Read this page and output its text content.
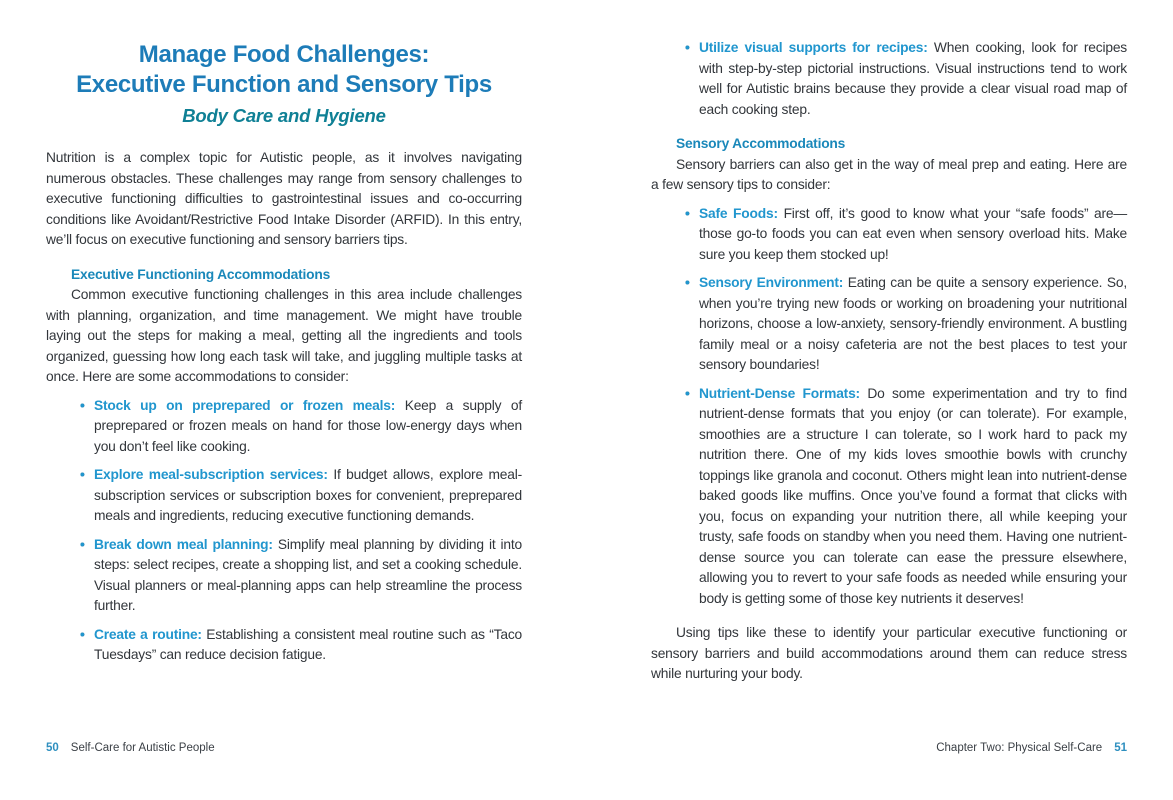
Manage Food Challenges:
Executive Function and Sensory Tips
Body Care and Hygiene

Nutrition is a complex topic for Autistic people, as it involves navigating numerous obstacles. These challenges may range from sensory challenges to executive functioning difficulties to gastrointestinal issues and co-occurring conditions like Avoidant/Restrictive Food Intake Disorder (ARFID). In this entry, we’ll focus on executive functioning and sensory barriers tips.

Executive Functioning Accommodations

Common executive functioning challenges in this area include challenges with planning, organization, and time management. We might have trouble laying out the steps for making a meal, getting all the ingredients and tools organized, guessing how long each task will take, and juggling multiple tasks at once. Here are some accommodations to consider:

• • Stock up on preprepared or frozen meals: Keep a supply of preprepared or frozen meals on hand for those low-energy days when you don’t feel like cooking.
• • Explore meal-subscription services: If budget allows, explore meal-subscription services or subscription boxes for convenient, preprepared meals and ingredients, reducing executive functioning demands.
• • Break down meal planning: Simplify meal planning by dividing it into steps: select recipes, create a shopping list, and set a cooking schedule. Visual planners or meal-planning apps can help streamline the process further.
• • Create a routine: Establishing a consistent meal routine such as “Taco Tuesdays” can reduce decision fatigue.
• • Utilize visual supports for recipes: When cooking, look for recipes with step-by-step pictorial instructions. Visual instructions tend to work well for Autistic brains because they provide a clear visual road map of each cooking step.
Sensory Accommodations

Sensory barriers can also get in the way of meal prep and eating. Here are a few sensory tips to consider:

• • Safe Foods: First off, it’s good to know what your “safe foods” are—those go-to foods you can eat even when sensory overload hits. Make sure you keep them stocked up!
• • Sensory Environment: Eating can be quite a sensory experience. So, when you’re trying new foods or working on broadening your nutritional horizons, choose a low-anxiety, sensory-friendly environment. A bustling family meal or a noisy cafeteria are not the best places to test your sensory boundaries!
• • Nutrient-Dense Formats: Do some experimentation and try to find nutrient-dense formats that you enjoy (or can tolerate). For example, smoothies are a structure I can tolerate, so I work hard to pack my nutrition there. One of my kids loves smoothie bowls with crunchy toppings like granola and coconut. Others might lean into nutrient-dense baked goods like muffins. Once you’ve found a format that clicks with you, focus on expanding your nutrition there, all while keeping your trusty, safe foods on standby when you need them. Having one nutrient-dense source you can tolerate can ease the pressure elsewhere, allowing you to revert to your safe foods as needed while ensuring your body is getting some of those key nutrients it deserves!

Using tips like these to identify your particular executive functioning or sensory barriers and build accommodations around them can reduce stress while nurturing your body.

50 Self-Care for Autistic People	Chapter Two: Physical Self-Care 51
